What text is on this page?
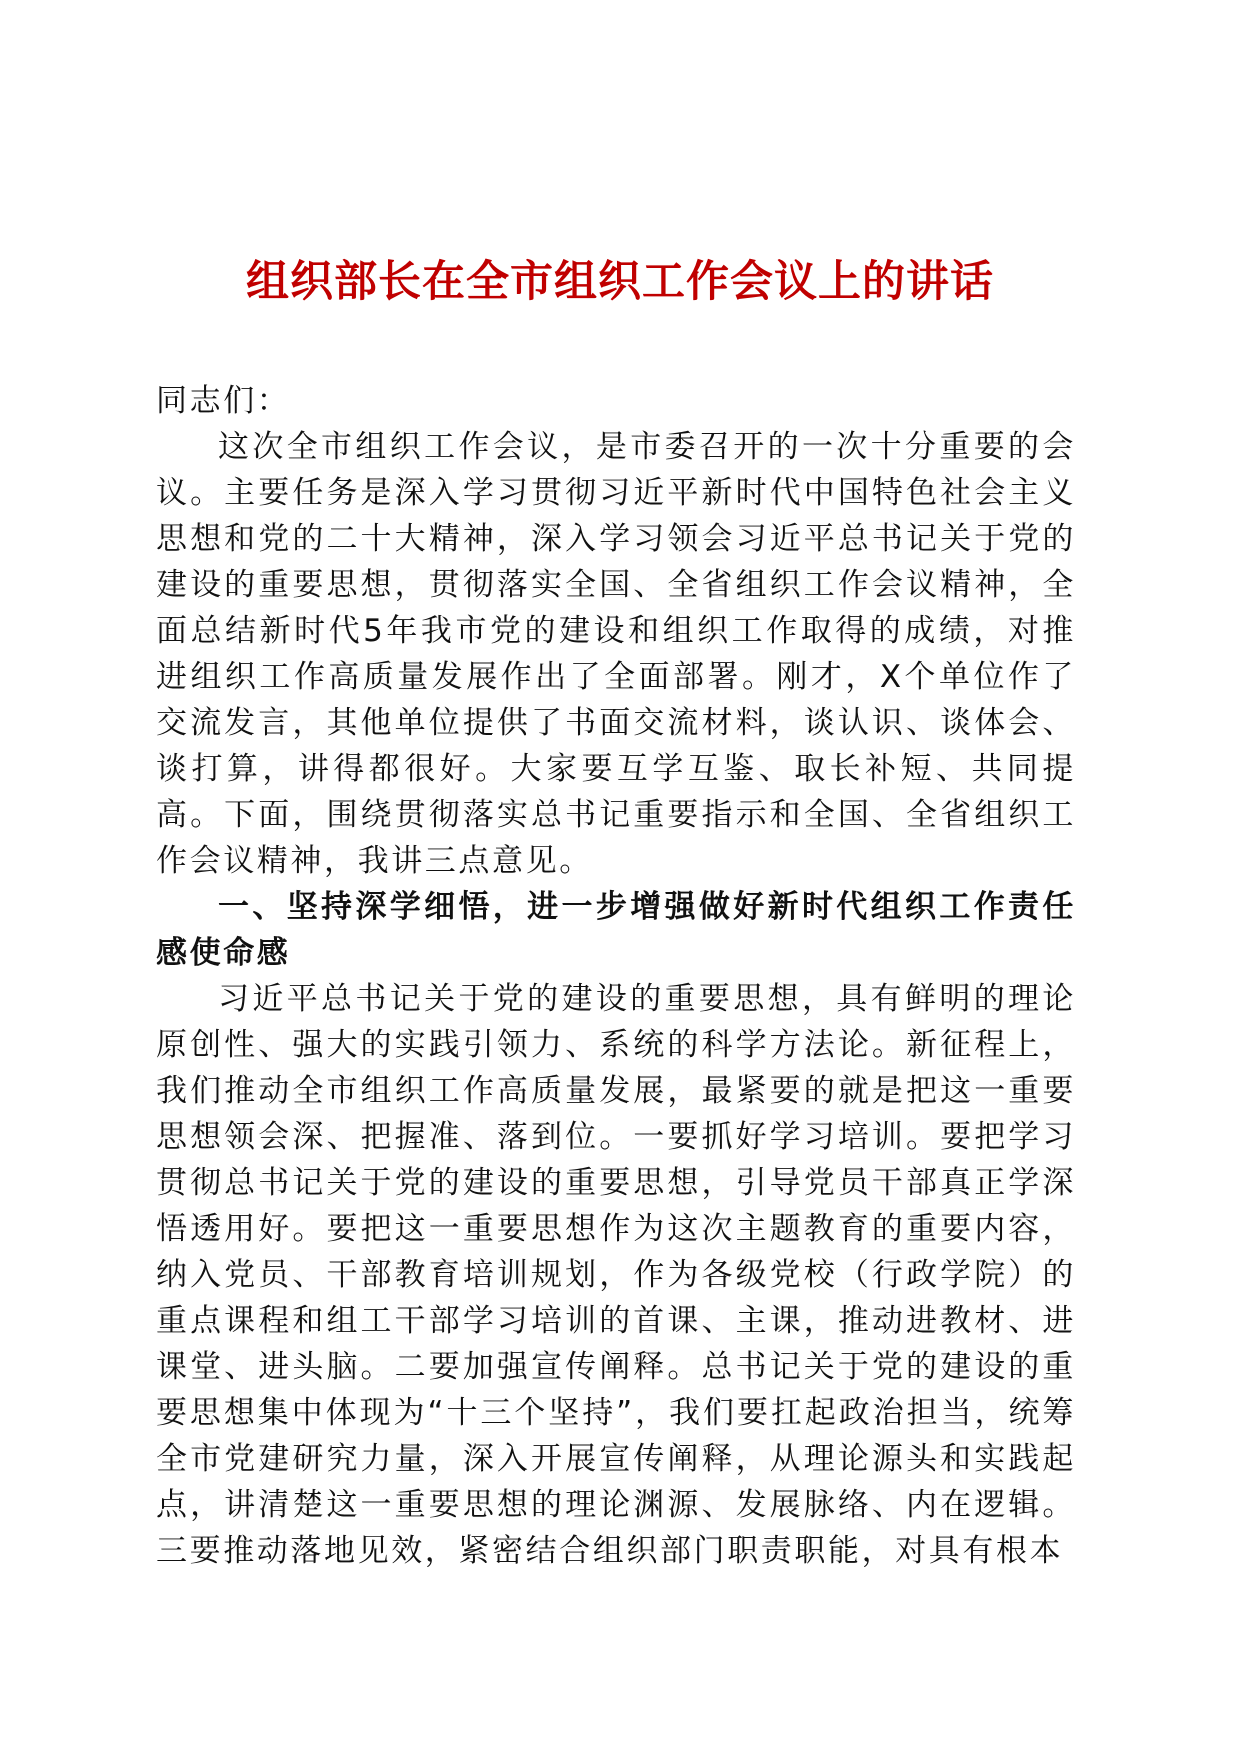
组织部长在全市组织工作会议上的讲话

同志们：

这次全市组织工作会议，是市委召开的一次十分重要的会议。主要任务是深入学习贯彻习近平新时代中国特色社会主义思想和党的二十大精神，深入学习领会习近平总书记关于党的建设的重要思想，贯彻落实全国、全省组织工作会议精神，全面总结新时代5年我市党的建设和组织工作取得的成绩，对推进组织工作高质量发展作出了全面部署。刚才，X个单位作了交流发言，其他单位提供了书面交流材料，谈认识、谈体会、谈打算，讲得都很好。大家要互学互鉴、取长补短、共同提高。下面，围绕贯彻落实总书记重要指示和全国、全省组织工作会议精神，我讲三点意见。

一、坚持深学细悟，进一步增强做好新时代组织工作责任感使命感

习近平总书记关于党的建设的重要思想，具有鲜明的理论原创性、强大的实践引领力、系统的科学方法论。新征程上，我们推动全市组织工作高质量发展，最紧要的就是把这一重要思想领会深、把握准、落到位。一要抓好学习培训。要把学习贯彻总书记关于党的建设的重要思想，引导党员干部真正学深悟透用好。要把这一重要思想作为这次主题教育的重要内容，纳入党员、干部教育培训规划，作为各级党校（行政学院）的重点课程和组工干部学习培训的首课、主课，推动进教材、进课堂、进头脑。二要加强宣传阐释。总书记关于党的建设的重要思想集中体现为“十三个坚持”，我们要扛起政治担当，统筹全市党建研究力量，深入开展宣传阐释，从理论源头和实践起点，讲清楚这一重要思想的理论渊源、发展脉络、内在逻辑。三要推动落地见效，紧密结合组织部门职责职能，对具有根本
